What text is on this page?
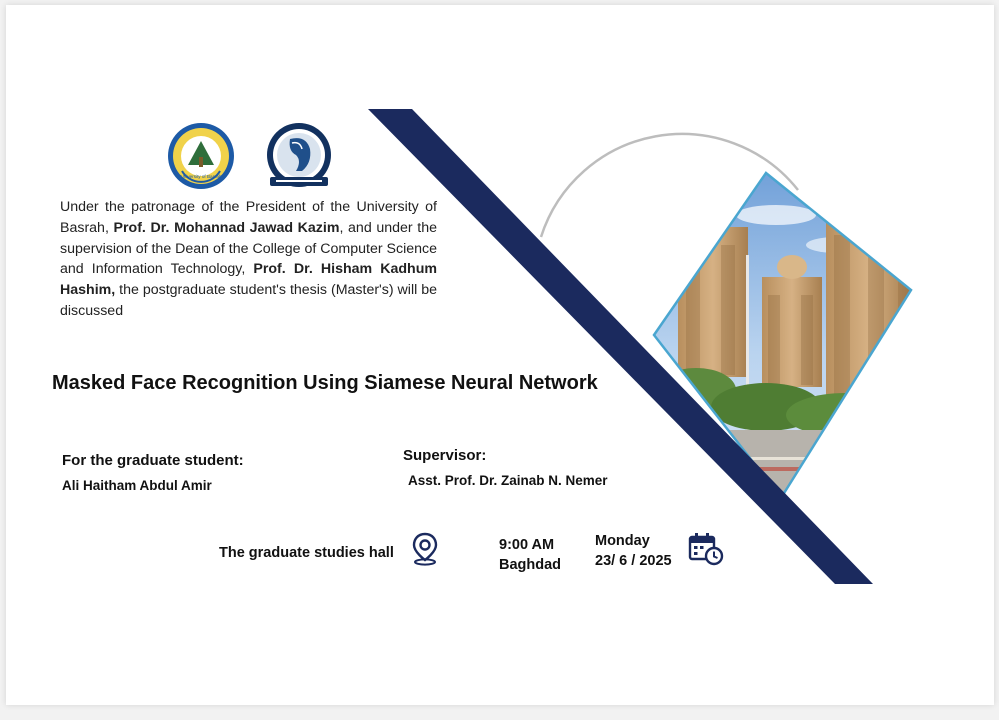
University of Basrah
Under the patronage of the President of the University of Basrah, Prof. Dr. Mohannad Jawad Kazim, and under the supervision of the Dean of the College of Computer Science and Information Technology, Prof. Dr. Hisham Kadhum Hashim, the postgraduate student's thesis (Master's) will be discussed
Masked Face Recognition Using Siamese Neural Network
For the graduate student:
Ali Haitham Abdul Amir
Supervisor:
Asst. Prof. Dr. Zainab N. Nemer
The graduate studies hall	9:00 AM
Baghdad
Monday
23/ 6 / 2025
